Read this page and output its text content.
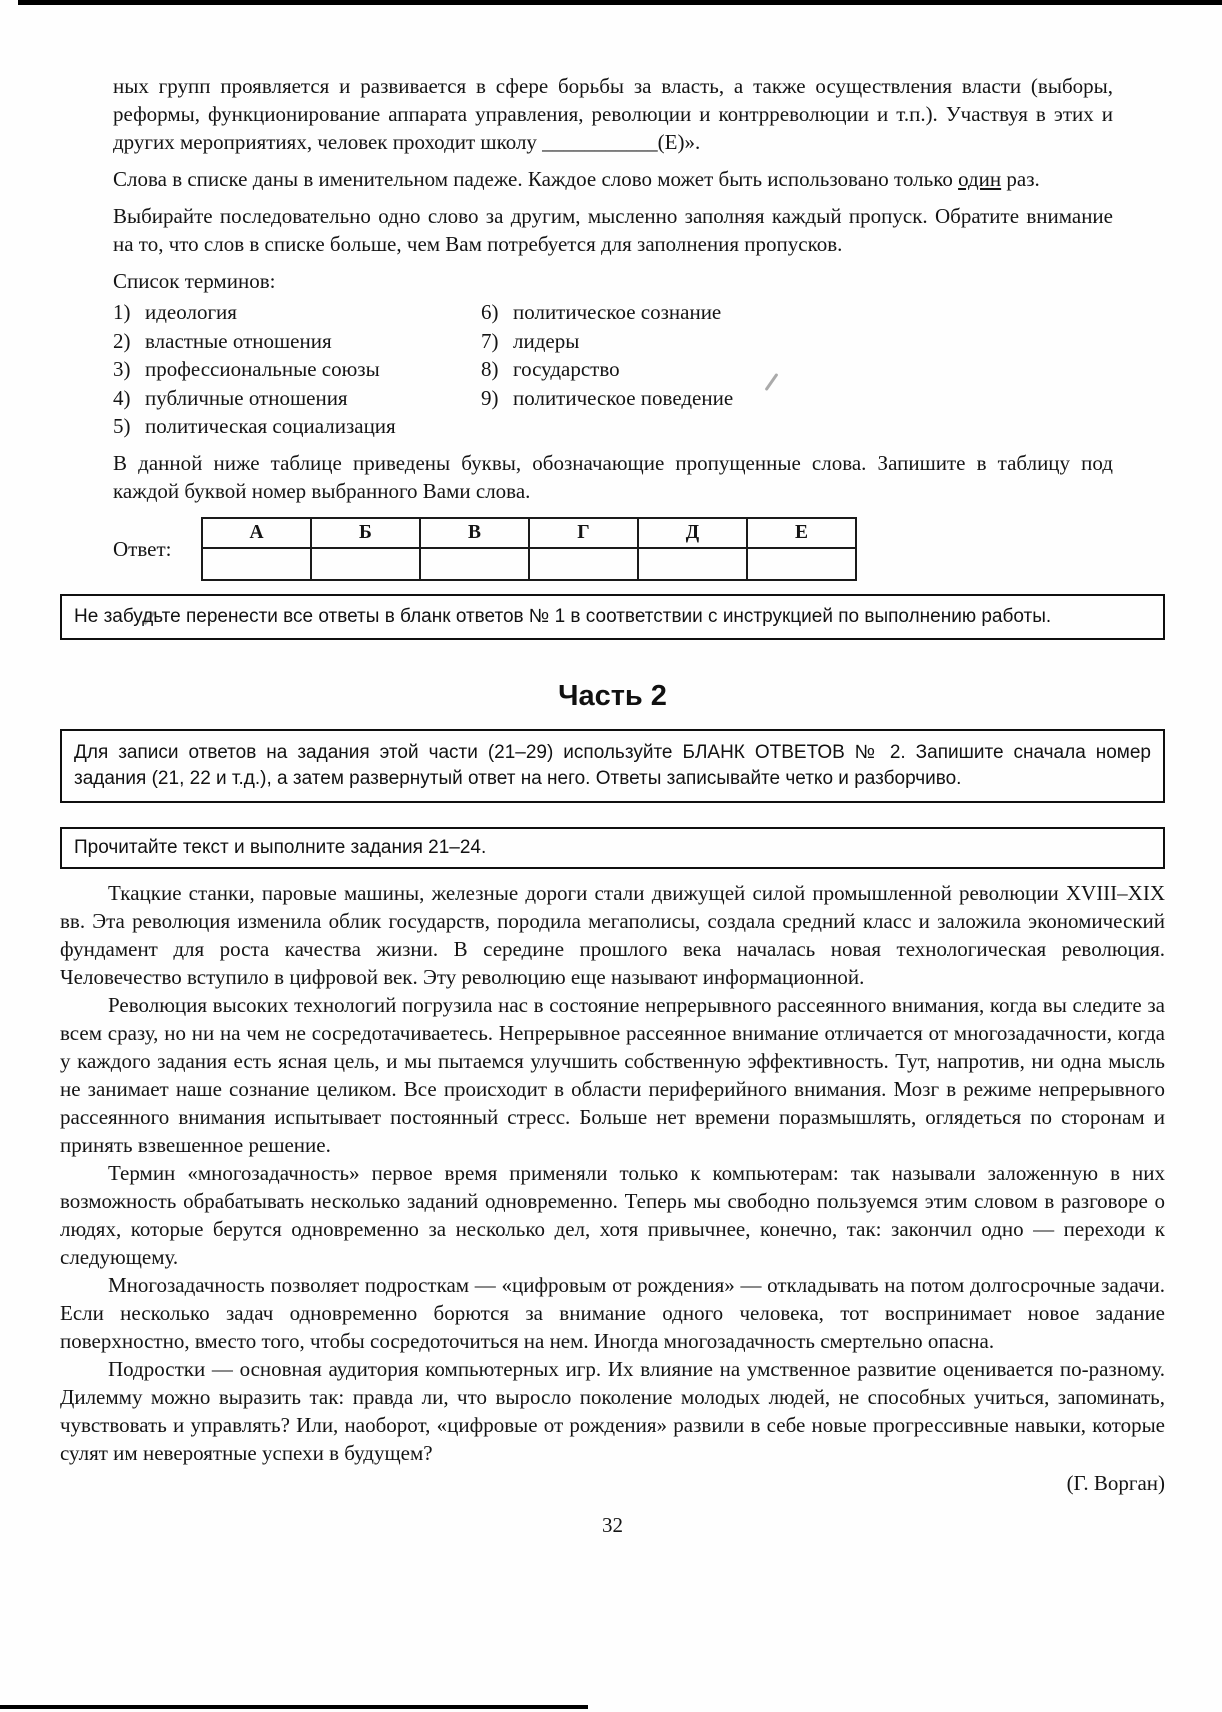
ных групп проявляется и развивается в сфере борьбы за власть, а также осуществления власти (выборы, реформы, функционирование аппарата управления, революции и контрреволюции и т.п.). Участвуя в этих и других мероприятиях, человек проходит школу ___________(Е)».

Слова в списке даны в именительном падеже. Каждое слово может быть использовано только один раз.

Выбирайте последовательно одно слово за другим, мысленно заполняя каждый пропуск. Обратите внимание на то, что слов в списке больше, чем Вам потребуется для заполнения пропусков.

Список терминов:

1) идеология
2) властные отношения
3) профессиональные союзы
4) публичные отношения
5) политическая социализация
6) политическое сознание
7) лидеры
8) государство
9) политическое поведение

В данной ниже таблице приведены буквы, обозначающие пропущенные слова. Запишите в таблицу под каждой буквой номер выбранного Вами слова.

Ответ:
А	Б	В	Г	Д	Е

Не забудьте перенести все ответы в бланк ответов № 1 в соответствии с инструкцией по выполнению работы.
Часть 2
Для записи ответов на задания этой части (21–29) используйте БЛАНК ОТВЕТОВ № 2. Запишите сначала номер задания (21, 22 и т.д.), а затем развернутый ответ на него. Ответы записывайте четко и разборчиво.
Прочитайте текст и выполните задания 21–24.

Ткацкие станки, паровые машины, железные дороги стали движущей силой промышленной революции XVIII–XIX вв. Эта революция изменила облик государств, породила мегаполисы, создала средний класс и заложила экономический фундамент для роста качества жизни. В середине прошлого века началась новая технологическая революция. Человечество вступило в цифровой век. Эту революцию еще называют информационной.

Революция высоких технологий погрузила нас в состояние непрерывного рассеянного внимания, когда вы следите за всем сразу, но ни на чем не сосредотачиваетесь. Непрерывное рассеянное внимание отличается от многозадачности, когда у каждого задания есть ясная цель, и мы пытаемся улучшить собственную эффективность. Тут, напротив, ни одна мысль не занимает наше сознание целиком. Все происходит в области периферийного внимания. Мозг в режиме непрерывного рассеянного внимания испытывает постоянный стресс. Больше нет времени поразмышлять, оглядеться по сторонам и принять взвешенное решение.

Термин «многозадачность» первое время применяли только к компьютерам: так называли заложенную в них возможность обрабатывать несколько заданий одновременно. Теперь мы свободно пользуемся этим словом в разговоре о людях, которые берутся одновременно за несколько дел, хотя привычнее, конечно, так: закончил одно — переходи к следующему.

Многозадачность позволяет подросткам — «цифровым от рождения» — откладывать на потом долгосрочные задачи. Если несколько задач одновременно борются за внимание одного человека, тот воспринимает новое задание поверхностно, вместо того, чтобы сосредоточиться на нем. Иногда многозадачность смертельно опасна.

Подростки — основная аудитория компьютерных игр. Их влияние на умственное развитие оценивается по-разному. Дилемму можно выразить так: правда ли, что выросло поколение молодых людей, не способных учиться, запоминать, чувствовать и управлять? Или, наоборот, «цифровые от рождения» развили в себе новые прогрессивные навыки, которые сулят им невероятные успехи в будущем?

(Г. Ворган)

32
